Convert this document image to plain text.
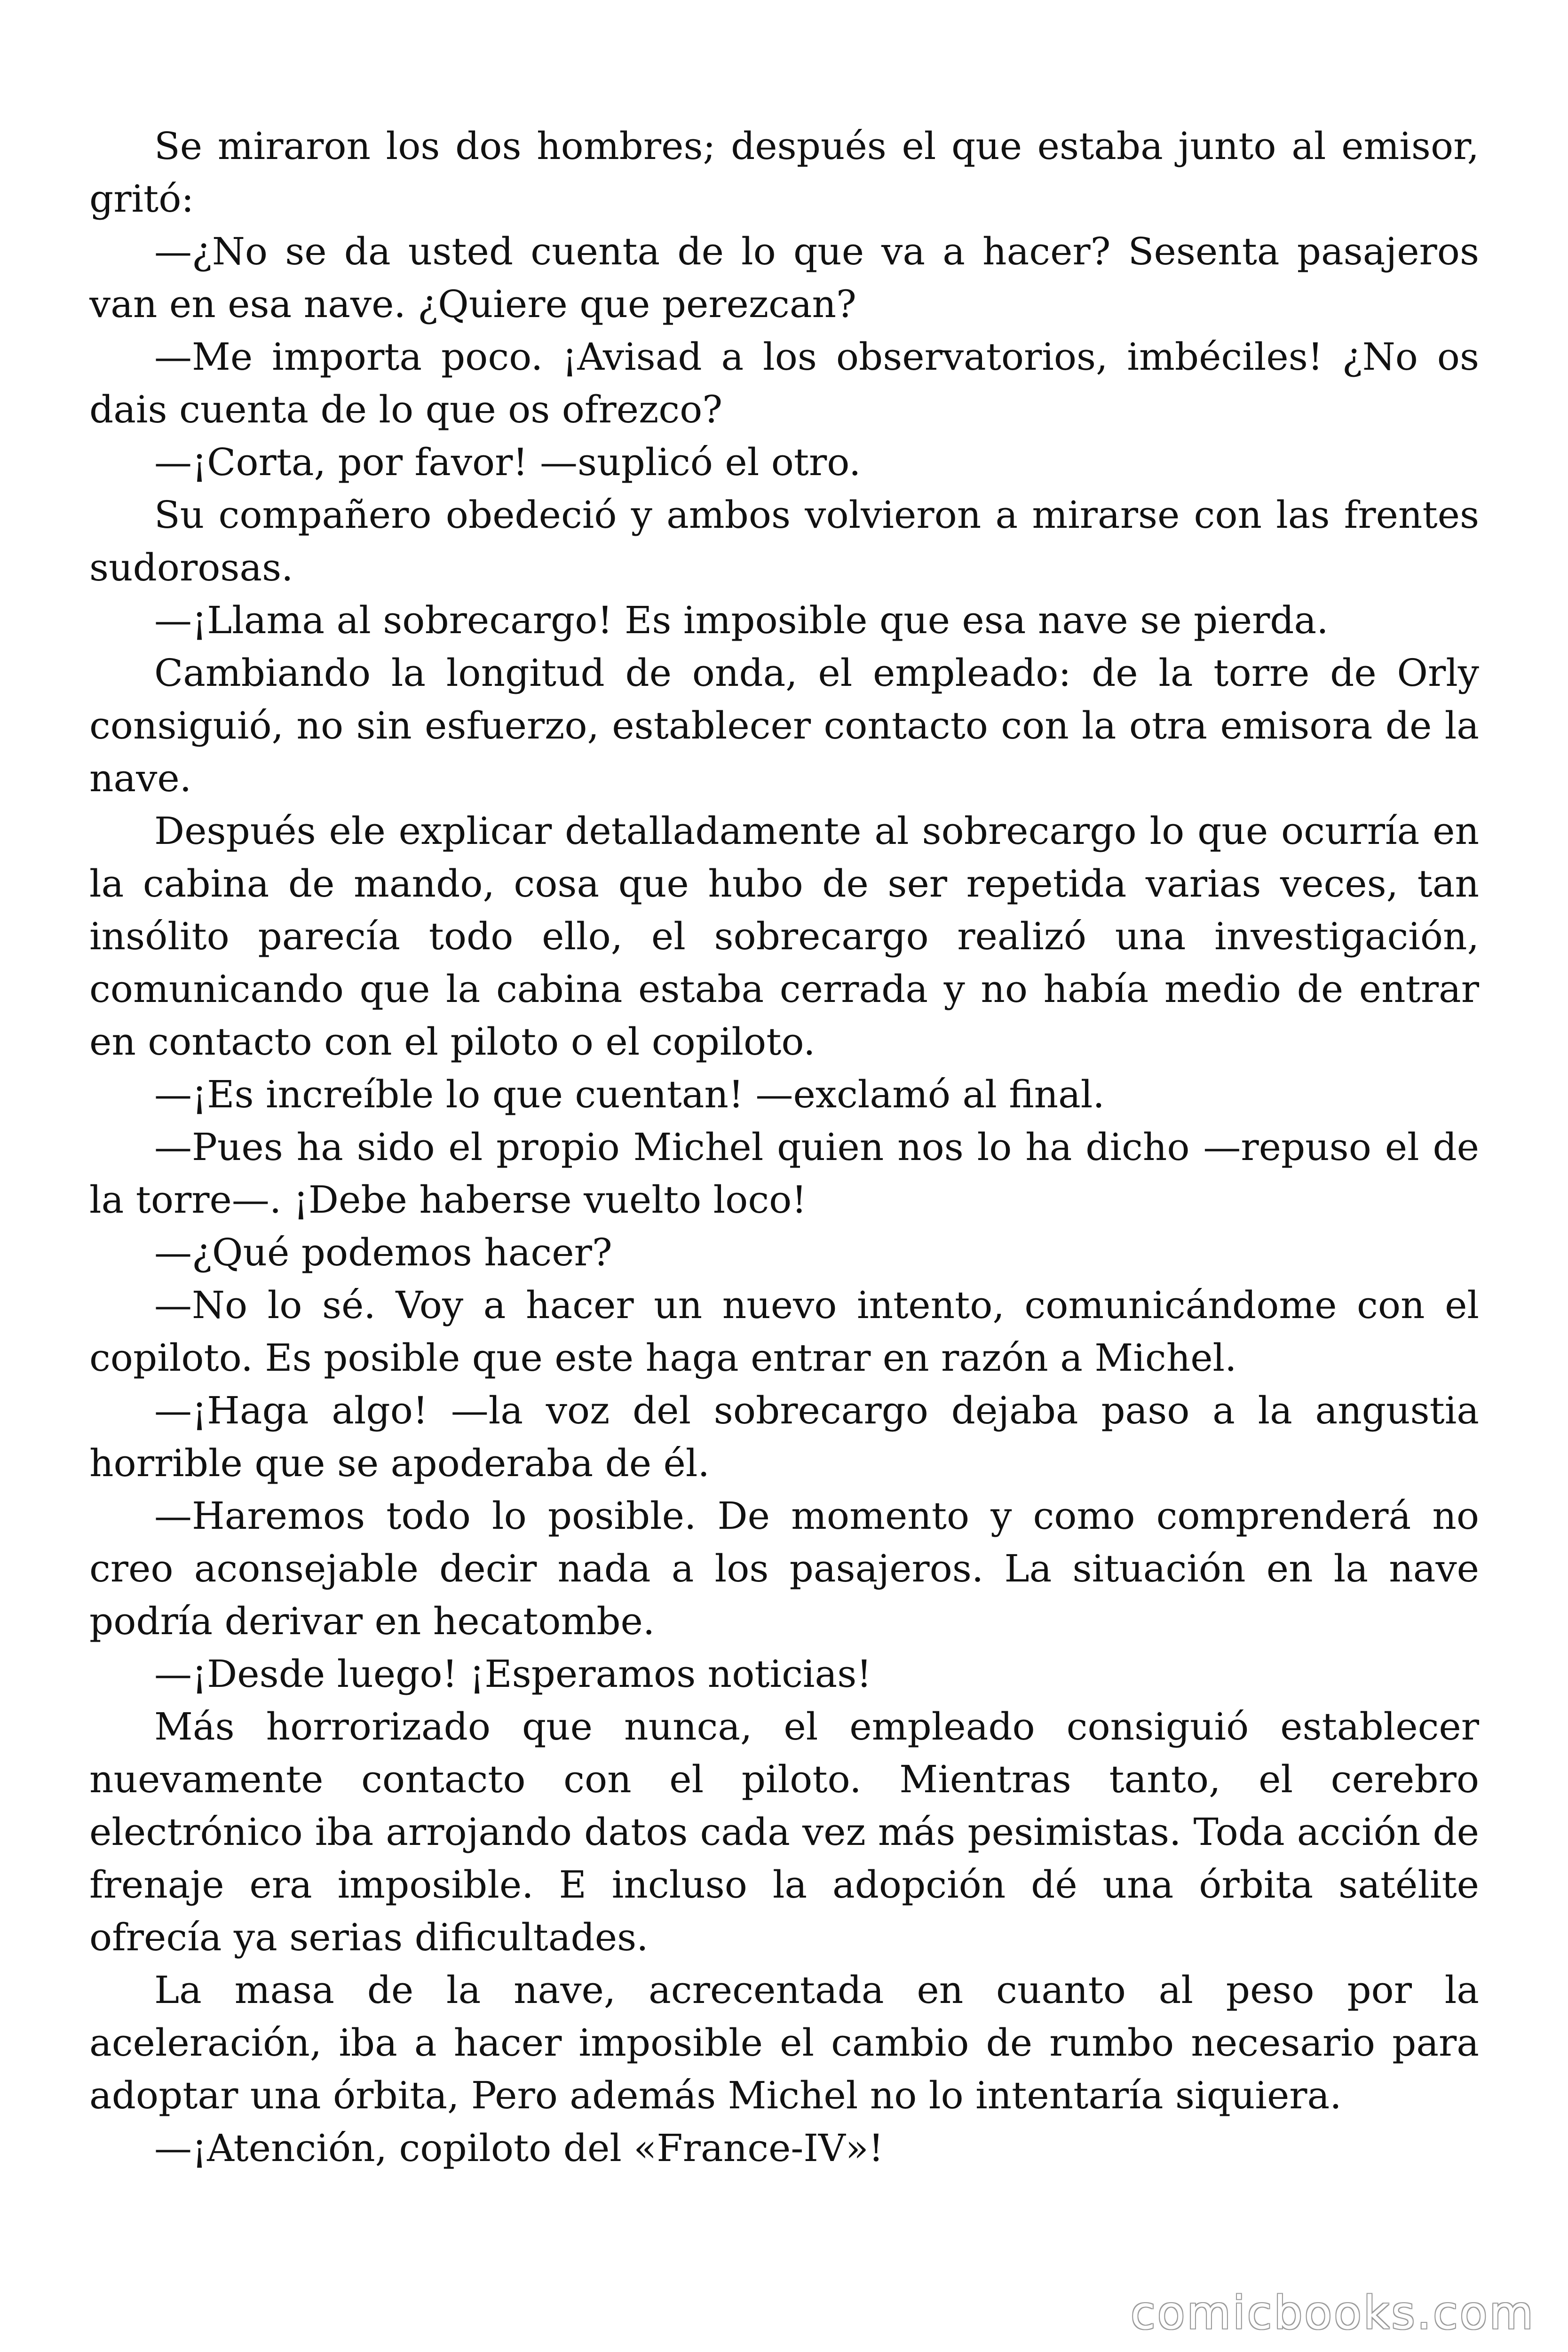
Se miraron los dos hombres; después el que estaba junto al emisor, gritó:

—¿No se da usted cuenta de lo que va a hacer? Sesenta pasajeros van en esa nave. ¿Quiere que perezcan?

—Me importa poco. ¡Avisad a los observatorios, imbéciles! ¿No os dais cuenta de lo que os ofrezco?

—¡Corta, por favor! —suplicó el otro.

Su compañero obedeció y ambos volvieron a mirarse con las frentes sudorosas.

—¡Llama al sobrecargo! Es imposible que esa nave se pierda.

Cambiando la longitud de onda, el empleado: de la torre de Orly consiguió, no sin esfuerzo, establecer contacto con la otra emisora de la nave.

Después ele explicar detalladamente al sobrecargo lo que ocurría en la cabina de mando, cosa que hubo de ser repetida varias veces, tan insólito parecía todo ello, el sobrecargo realizó una investigación, comunicando que la cabina estaba cerrada y no había medio de entrar en contacto con el piloto o el copiloto.

—¡Es increíble lo que cuentan! —exclamó al final.

—Pues ha sido el propio Michel quien nos lo ha dicho —repuso el de la torre—. ¡Debe haberse vuelto loco!

—¿Qué podemos hacer?

—No lo sé. Voy a hacer un nuevo intento, comunicándome con el copiloto. Es posible que este haga entrar en razón a Michel.

—¡Haga algo! —la voz del sobrecargo dejaba paso a la angustia horrible que se apoderaba de él.

—Haremos todo lo posible. De momento y como comprenderá no creo aconsejable decir nada a los pasajeros. La situación en la nave podría derivar en hecatombe.

—¡Desde luego! ¡Esperamos noticias!

Más horrorizado que nunca, el empleado consiguió establecer nuevamente contacto con el piloto. Mientras tanto, el cerebro electrónico iba arrojando datos cada vez más pesimistas. Toda acción de frenaje era imposible. E incluso la adopción dé una órbita satélite ofrecía ya serias dificultades.

La masa de la nave, acrecentada en cuanto al peso por la aceleración, iba a hacer imposible el cambio de rumbo necesario para adoptar una órbita, Pero además Michel no lo intentaría siquiera.

—¡Atención, copiloto del «France-IV»!

comicbooks.com
